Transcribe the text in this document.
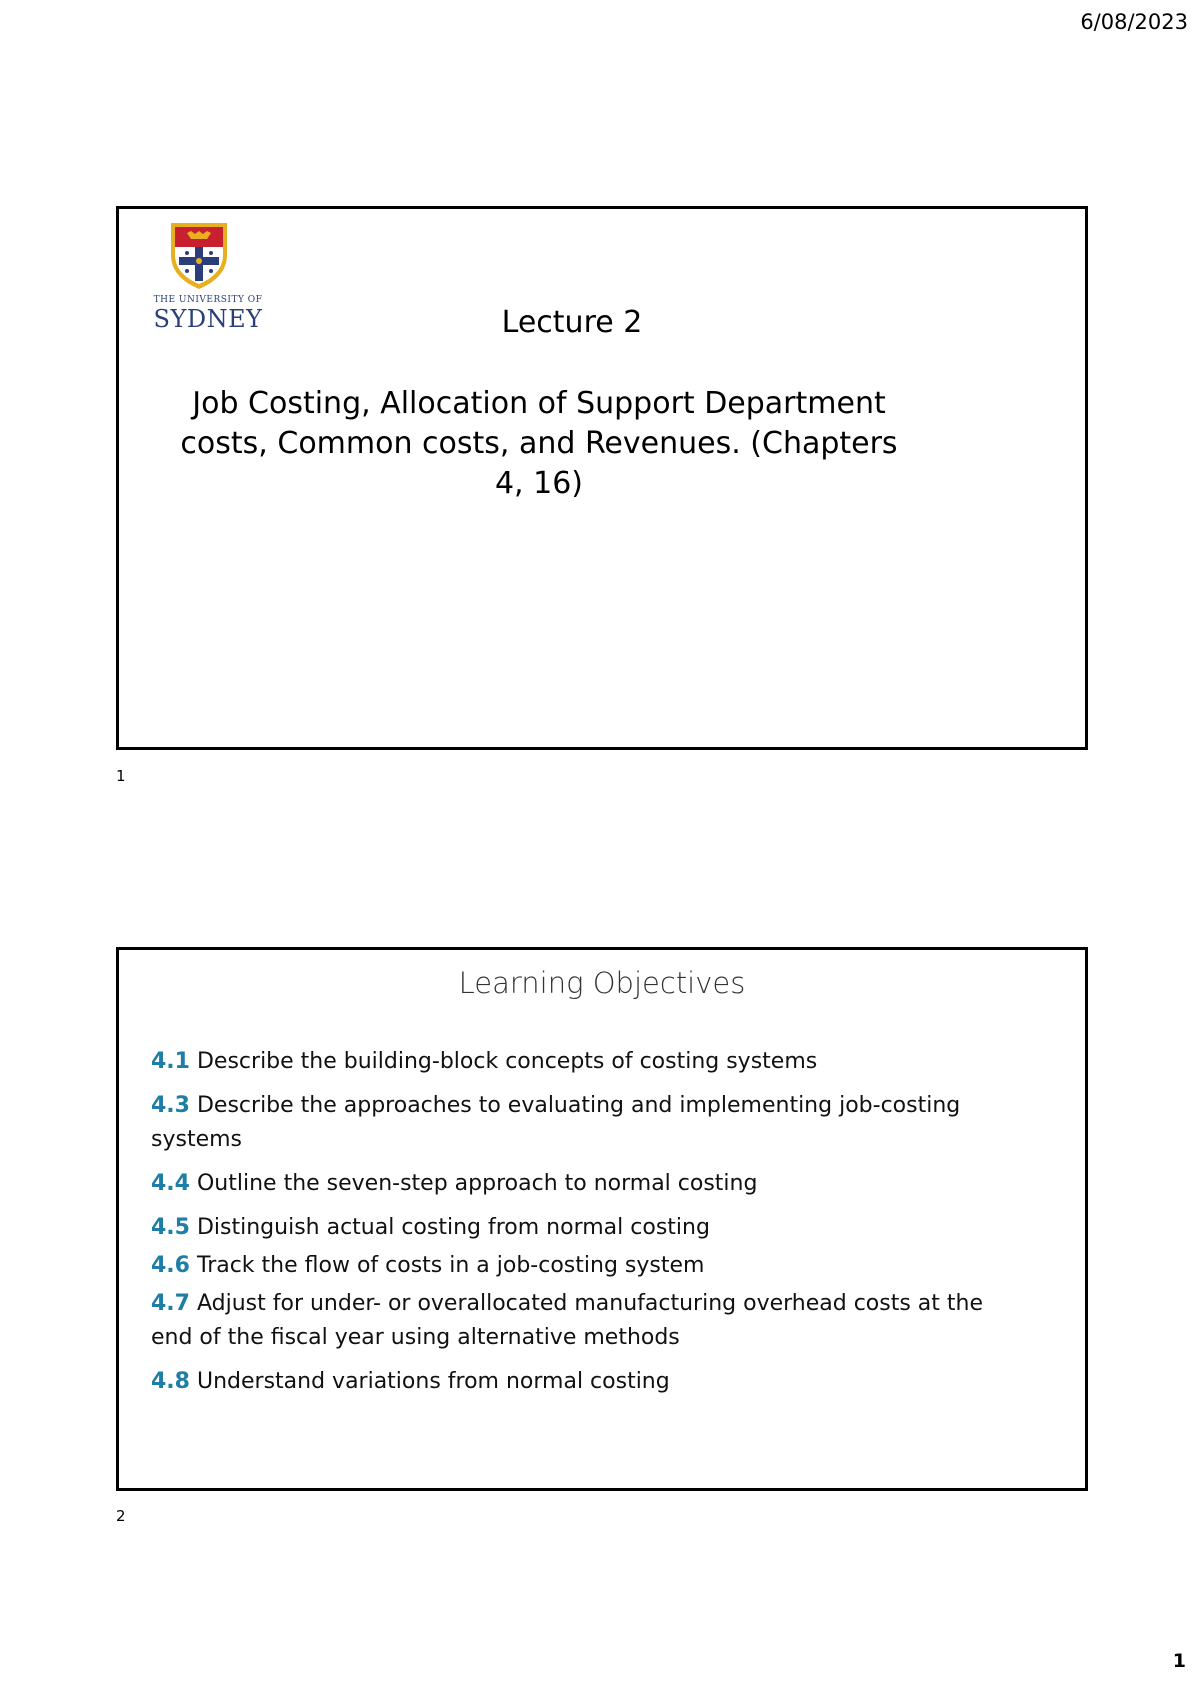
6/08/2023
THE UNIVERSITY OF
SYDNEY	Lecture 2
Job Costing, Allocation of Support Department costs, Common costs, and Revenues. (Chapters 4, 16)
1
Learning Objectives
4.1 Describe the building-block concepts of costing systems
4.3 Describe the approaches to evaluating and implementing job-costing systems
4.4 Outline the seven-step approach to normal costing
4.5 Distinguish actual costing from normal costing
4.6 Track the flow of costs in a job-costing system
4.7 Adjust for under- or overallocated manufacturing overhead costs at the end of the fiscal year using alternative methods
4.8 Understand variations from normal costing
2
1
